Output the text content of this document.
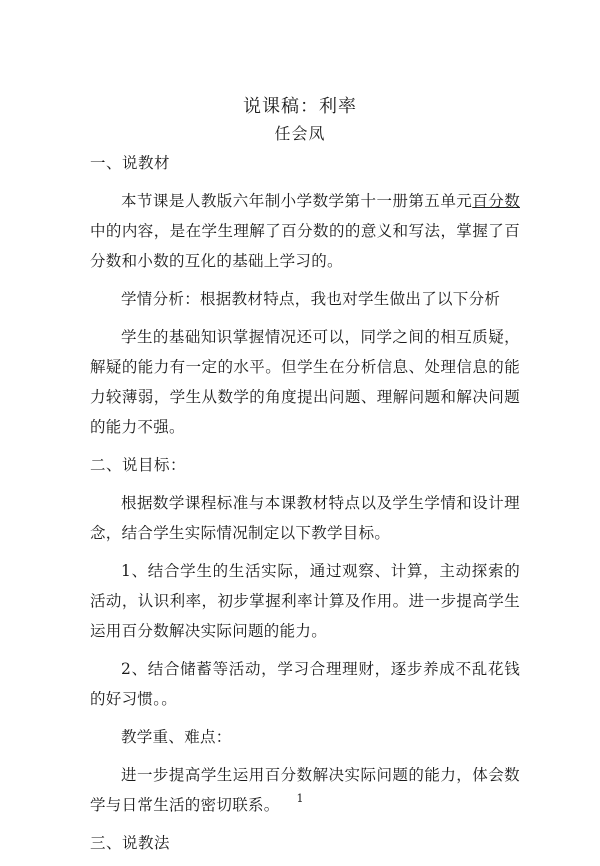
说课稿：利率
任会凤
一、说教材

本节课是人教版六年制小学数学第十一册第五单元百分数中的内容，是在学生理解了百分数的的意义和写法，掌握了百分数和小数的互化的基础上学习的。

学情分析：根据教材特点，我也对学生做出了以下分析

学生的基础知识掌握情况还可以，同学之间的相互质疑，解疑的能力有一定的水平。但学生在分析信息、处理信息的能力较薄弱，学生从数学的角度提出问题、理解问题和解决问题的能力不强。

二、说目标：

根据数学课程标准与本课教材特点以及学生学情和设计理念，结合学生实际情况制定以下教学目标。

1、结合学生的生活实际，通过观察、计算，主动探索的活动，认识利率，初步掌握利率计算及作用。进一步提高学生运用百分数解决实际问题的能力。

2、结合储蓄等活动，学习合理理财，逐步养成不乱花钱的好习惯。。

教学重、难点：

进一步提高学生运用百分数解决实际问题的能力，体会数学与日常生活的密切联系。

三、说教法
1
